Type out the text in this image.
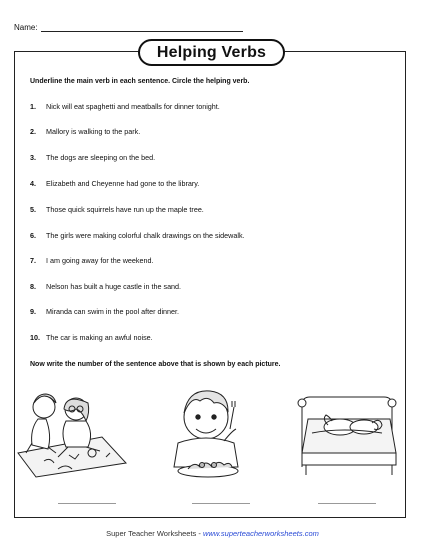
Name:
Helping Verbs
Underline the main verb in each sentence. Circle the helping verb.
1.	Nick will eat spaghetti and meatballs for dinner tonight.
2.	Mallory is walking to the park.
3.	The dogs are sleeping on the bed.
4.	Elizabeth and Cheyenne had gone to the library.
5.	Those quick squirrels have run up the maple tree.
6.	The girls were making colorful chalk drawings on the sidewalk.
7.	I am going away for the weekend.
8.	Nelson has built a huge castle in the sand.
9.	Miranda can swim in the pool after dinner.
10. The car is making an awful noise.
Now write the number of the sentence above that is shown by each picture.
Super Teacher Worksheets - www.superteacherworksheets.com
